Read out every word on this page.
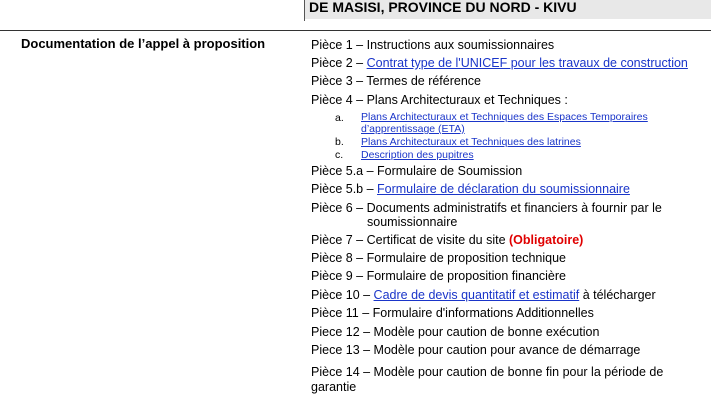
DE MASISI, PROVINCE DU NORD - KIVU
Documentation de l’appel à proposition	Pièce 1 – Instructions aux soumissionnaires
Pièce 2 – Contrat type de l'UNICEF pour les travaux de construction
Pièce 3 – Termes de référence
Pièce 4 – Plans Architecturaux et Techniques :
a. Plans Architecturaux et Techniques des Espaces Temporaires
d’apprentissage (ETA)
b. Plans Architecturaux et Techniques des latrines
c. Description des pupitres
Pièce 5.a – Formulaire de Soumission
Pièce 5.b – Formulaire de déclaration du soumissionnaire
Pièce 6 – Documents administratifs et financiers à fournir par le
soumissionnaire
Pièce 7 – Certificat de visite du site (Obligatoire)
Pièce 8 – Formulaire de proposition technique
Pièce 9 – Formulaire de proposition financière
Pièce 10 – Cadre de devis quantitatif et estimatif à télécharger
Pièce 11 – Formulaire d'informations Additionnelles
Piece 12 – Modèle pour caution de bonne exécution
Piece 13 – Modèle pour caution pour avance de démarrage
Pièce 14 – Modèle pour caution de bonne fin pour la période de
garantie
